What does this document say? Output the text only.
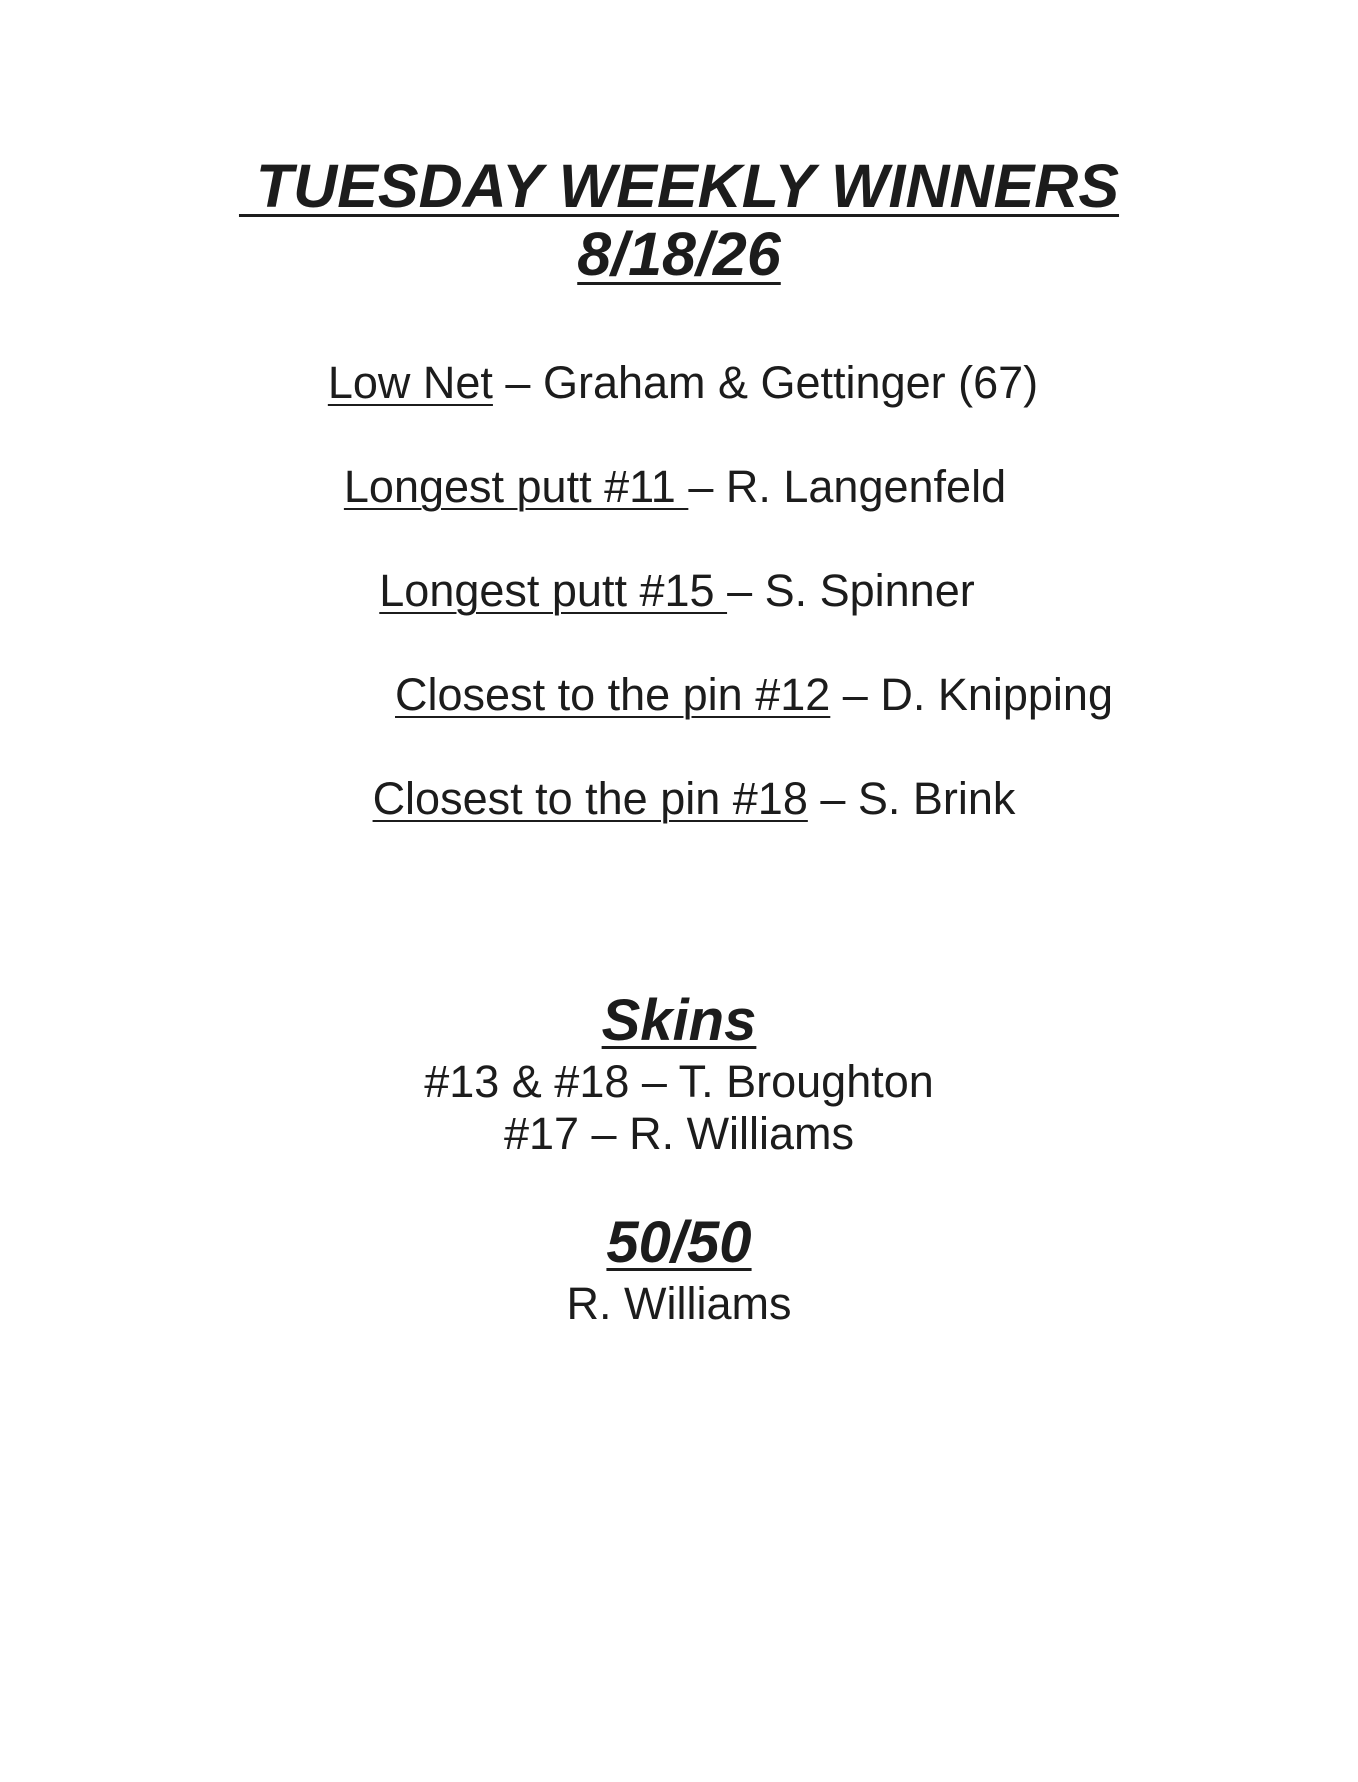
TUESDAY WEEKLY WINNERS
8/18/26
Low Net – Graham & Gettinger (67)
Longest putt #11 – R. Langenfeld
Longest putt #15 – S. Spinner
Closest to the pin #12 – D. Knipping
Closest to the pin #18 – S. Brink
Skins
#13 & #18 – T. Broughton
#17 – R. Williams
50/50
R. Williams
